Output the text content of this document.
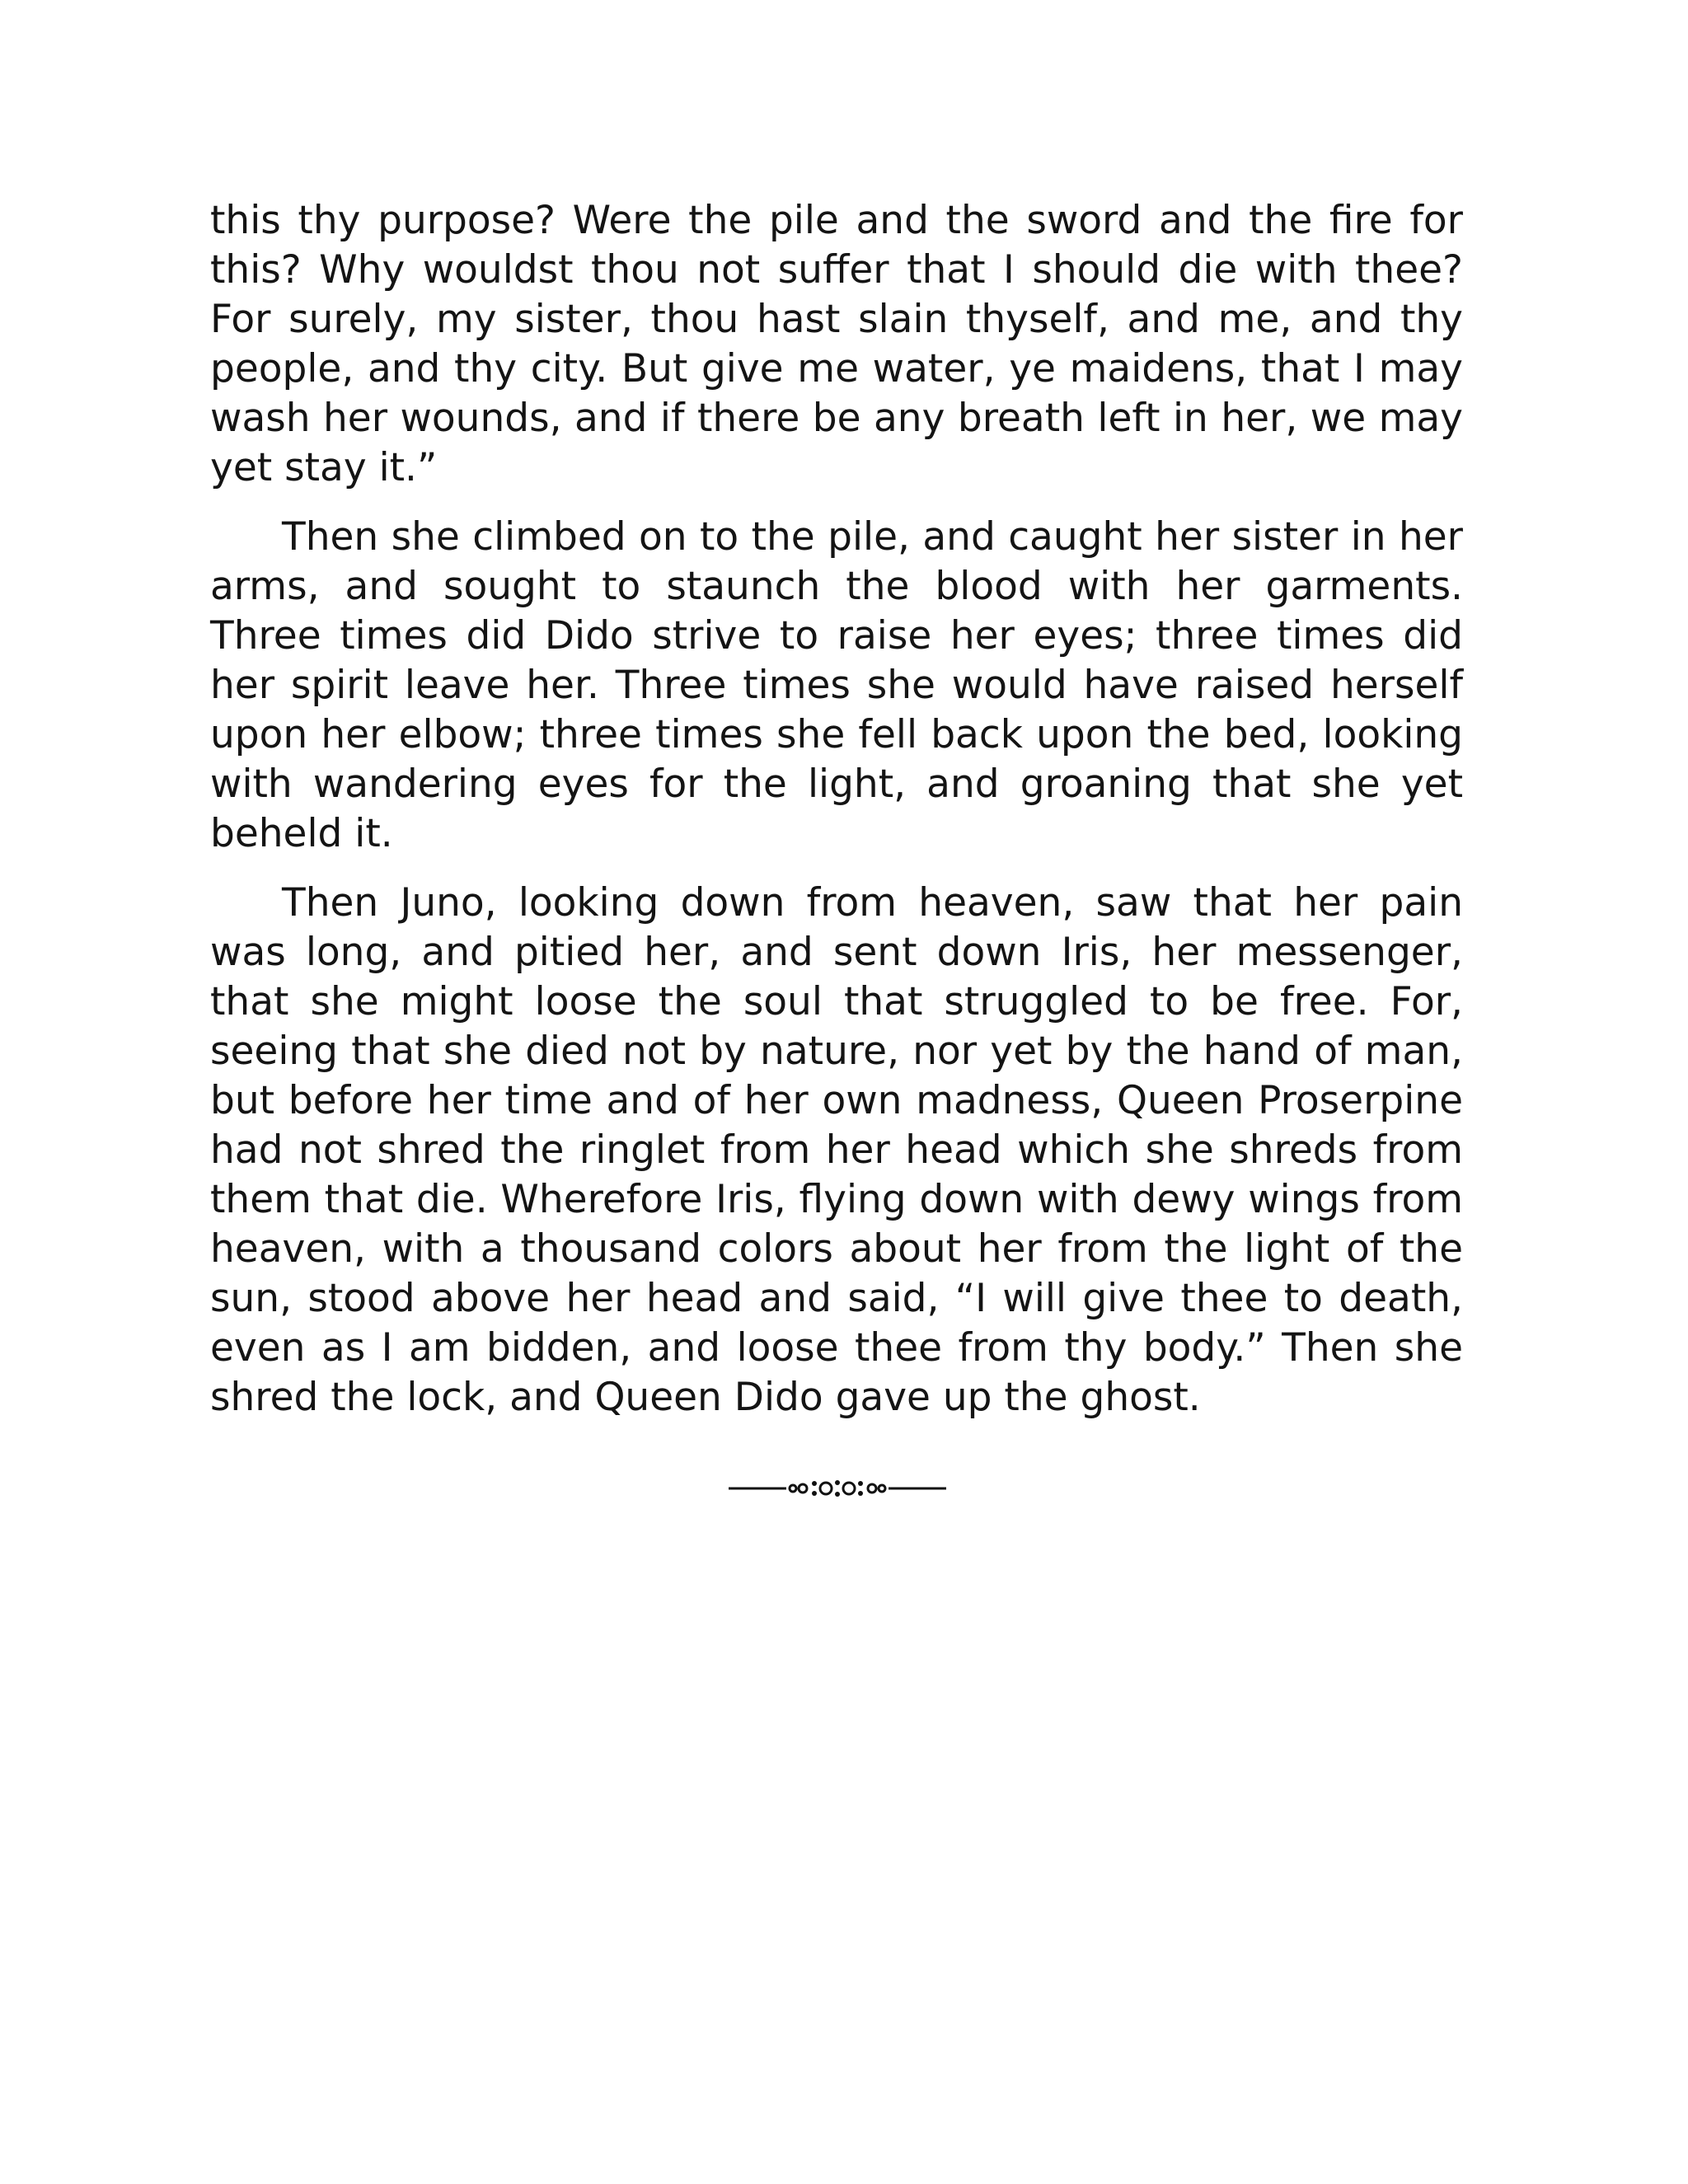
this thy purpose? Were the pile and the sword and the fire for this? Why wouldst thou not suffer that I should die with thee? For surely, my sister, thou hast slain thyself, and me, and thy people, and thy city. But give me water, ye maidens, that I may wash her wounds, and if there be any breath left in her, we may yet stay it.”

Then she climbed on to the pile, and caught her sister in her arms, and sought to staunch the blood with her garments. Three times did Dido strive to raise her eyes; three times did her spirit leave her. Three times she would have raised herself upon her elbow; three times she fell back upon the bed, looking with wandering eyes for the light, and groaning that she yet beheld it.

Then Juno, looking down from heaven, saw that her pain was long, and pitied her, and sent down Iris, her messenger, that she might loose the soul that struggled to be free. For, seeing that she died not by nature, nor yet by the hand of man, but before her time and of her own madness, Queen Proserpine had not shred the ringlet from her head which she shreds from them that die. Wherefore Iris, flying down with dewy wings from heaven, with a thousand colors about her from the light of the sun, stood above her head and said, “I will give thee to death, even as I am bidden, and loose thee from thy body.” Then she shred the lock, and Queen Dido gave up the ghost.
